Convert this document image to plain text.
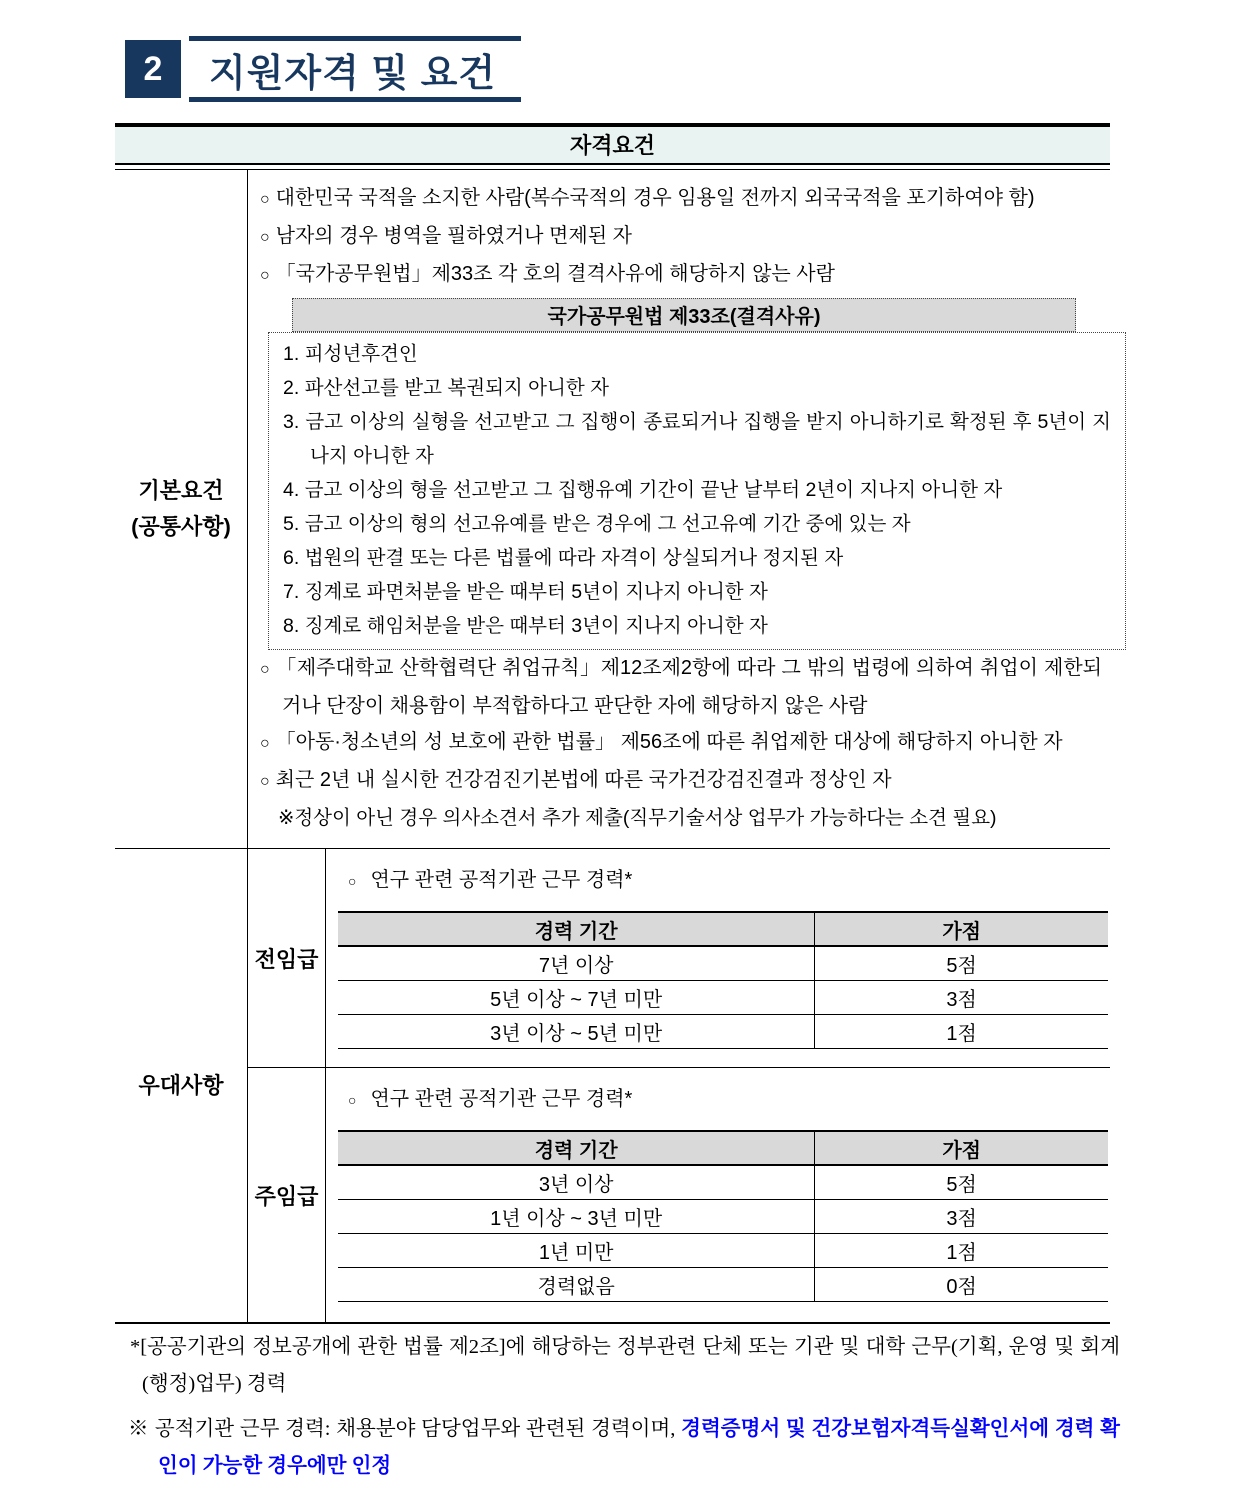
2	지원자격 및 요건
자격요건
기본요건
(공통사항)
○ 대한민국 국적을 소지한 사람(복수국적의 경우 임용일 전까지 외국국적을 포기하여야 함)
○ 남자의 경우 병역을 필하였거나 면제된 자
○ 「국가공무원법」제33조 각 호의 결격사유에 해당하지 않는 사람
국가공무원법 제33조(결격사유)
피성년후견인
파산선고를 받고 복권되지 아니한 자
금고 이상의 실형을 선고받고 그 집행이 종료되거나 집행을 받지 아니하기로 확정된 후 5년이 지나지 아니한 자
금고 이상의 형을 선고받고 그 집행유예 기간이 끝난 날부터 2년이 지나지 아니한 자
금고 이상의 형의 선고유예를 받은 경우에 그 선고유예 기간 중에 있는 자
법원의 판결 또는 다른 법률에 따라 자격이 상실되거나 정지된 자
징계로 파면처분을 받은 때부터 5년이 지나지 아니한 자
징계로 해임처분을 받은 때부터 3년이 지나지 아니한 자
○ 「제주대학교 산학협력단 취업규칙」제12조제2항에 따라 그 밖의 법령에 의하여 취업이 제한되거나 단장이 채용함이 부적합하다고 판단한 자에 해당하지 않은 사람
○ 「아동·청소년의 성 보호에 관한 법률」 제56조에 따른 취업제한 대상에 해당하지 아니한 자
○ 최근 2년 내 실시한 건강검진기본법에 따른 국가건강검진결과 정상인 자
※정상이 아닌 경우 의사소견서 추가 제출(직무기술서상 업무가 가능하다는 소견 필요)
우대사항
전임급
○ 연구 관련 공적기관 근무 경력*
경력 기간	가점
7년 이상	5점
5년 이상 ~ 7년 미만	3점
3년 이상 ~ 5년 미만	1점
주임급
○ 연구 관련 공적기관 근무 경력*
경력 기간	가점
3년 이상	5점
1년 이상 ~ 3년 미만	3점
1년 미만	1점
경력없음	0점
*[공공기관의 정보공개에 관한 법률 제2조]에 해당하는 정부관련 단체 또는 기관 및 대학 근무(기획, 운영 및 회계(행정)업무) 경력
※ 공적기관 근무 경력: 채용분야 담당업무와 관련된 경력이며, 경력증명서 및 건강보험자격득실확인서에 경력 확인이 가능한 경우에만 인정
